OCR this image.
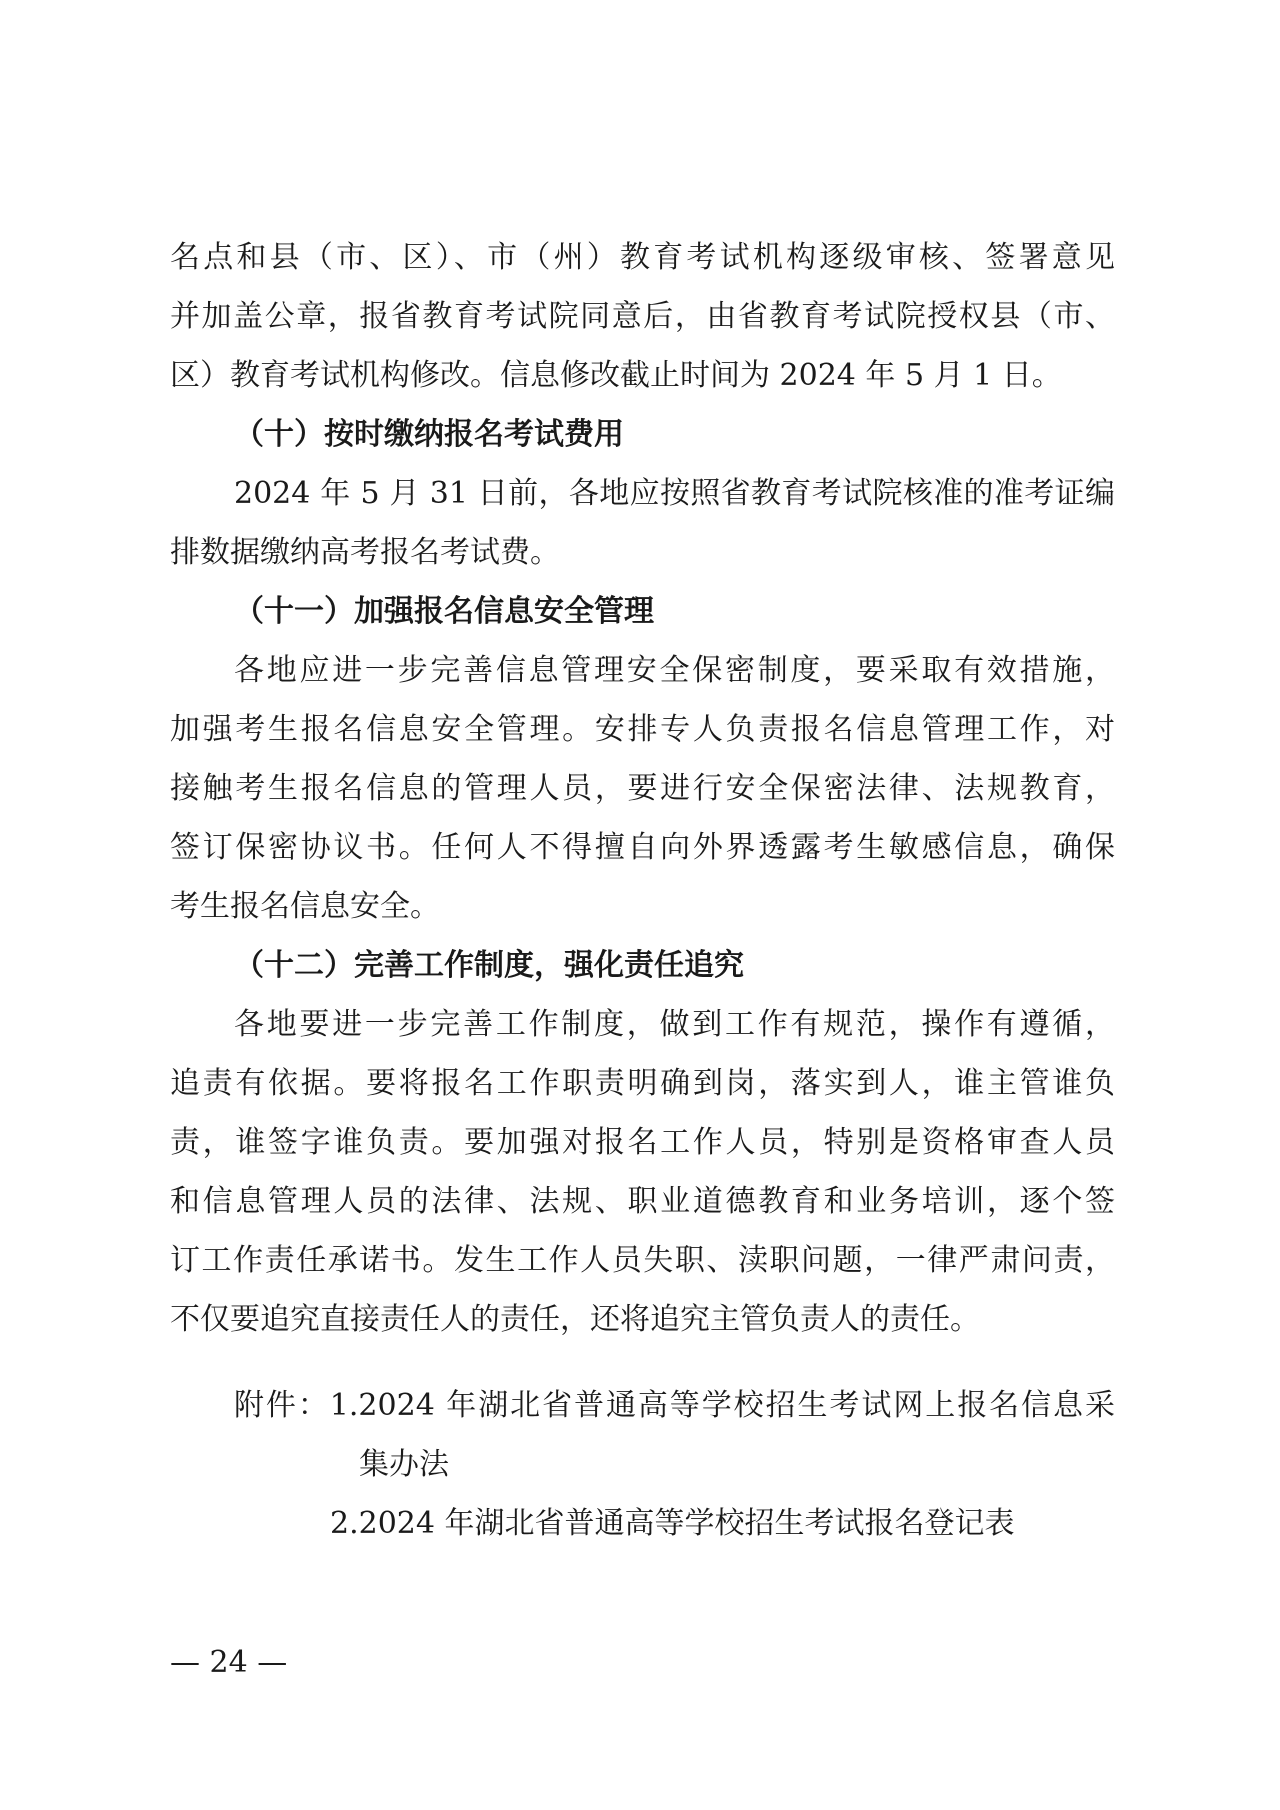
名点和县（市、区）、市（州）教育考试机构逐级审核、签署意见
并加盖公章，报省教育考试院同意后，由省教育考试院授权县（市、
区）教育考试机构修改。信息修改截止时间为 2024 年 5 月 1 日。
（十）按时缴纳报名考试费用
2024 年 5 月 31 日前，各地应按照省教育考试院核准的准考证编
排数据缴纳高考报名考试费。
（十一）加强报名信息安全管理
各地应进一步完善信息管理安全保密制度，要采取有效措施，
加强考生报名信息安全管理。安排专人负责报名信息管理工作，对
接触考生报名信息的管理人员，要进行安全保密法律、法规教育，
签订保密协议书。任何人不得擅自向外界透露考生敏感信息，确保
考生报名信息安全。
（十二）完善工作制度，强化责任追究
各地要进一步完善工作制度，做到工作有规范，操作有遵循，
追责有依据。要将报名工作职责明确到岗，落实到人，谁主管谁负
责，谁签字谁负责。要加强对报名工作人员，特别是资格审查人员
和信息管理人员的法律、法规、职业道德教育和业务培训，逐个签
订工作责任承诺书。发生工作人员失职、渎职问题，一律严肃问责，
不仅要追究直接责任人的责任，还将追究主管负责人的责任。
附件：1.2024 年湖北省普通高等学校招生考试网上报名信息采
集办法
2.2024 年湖北省普通高等学校招生考试报名登记表
— 24 —
